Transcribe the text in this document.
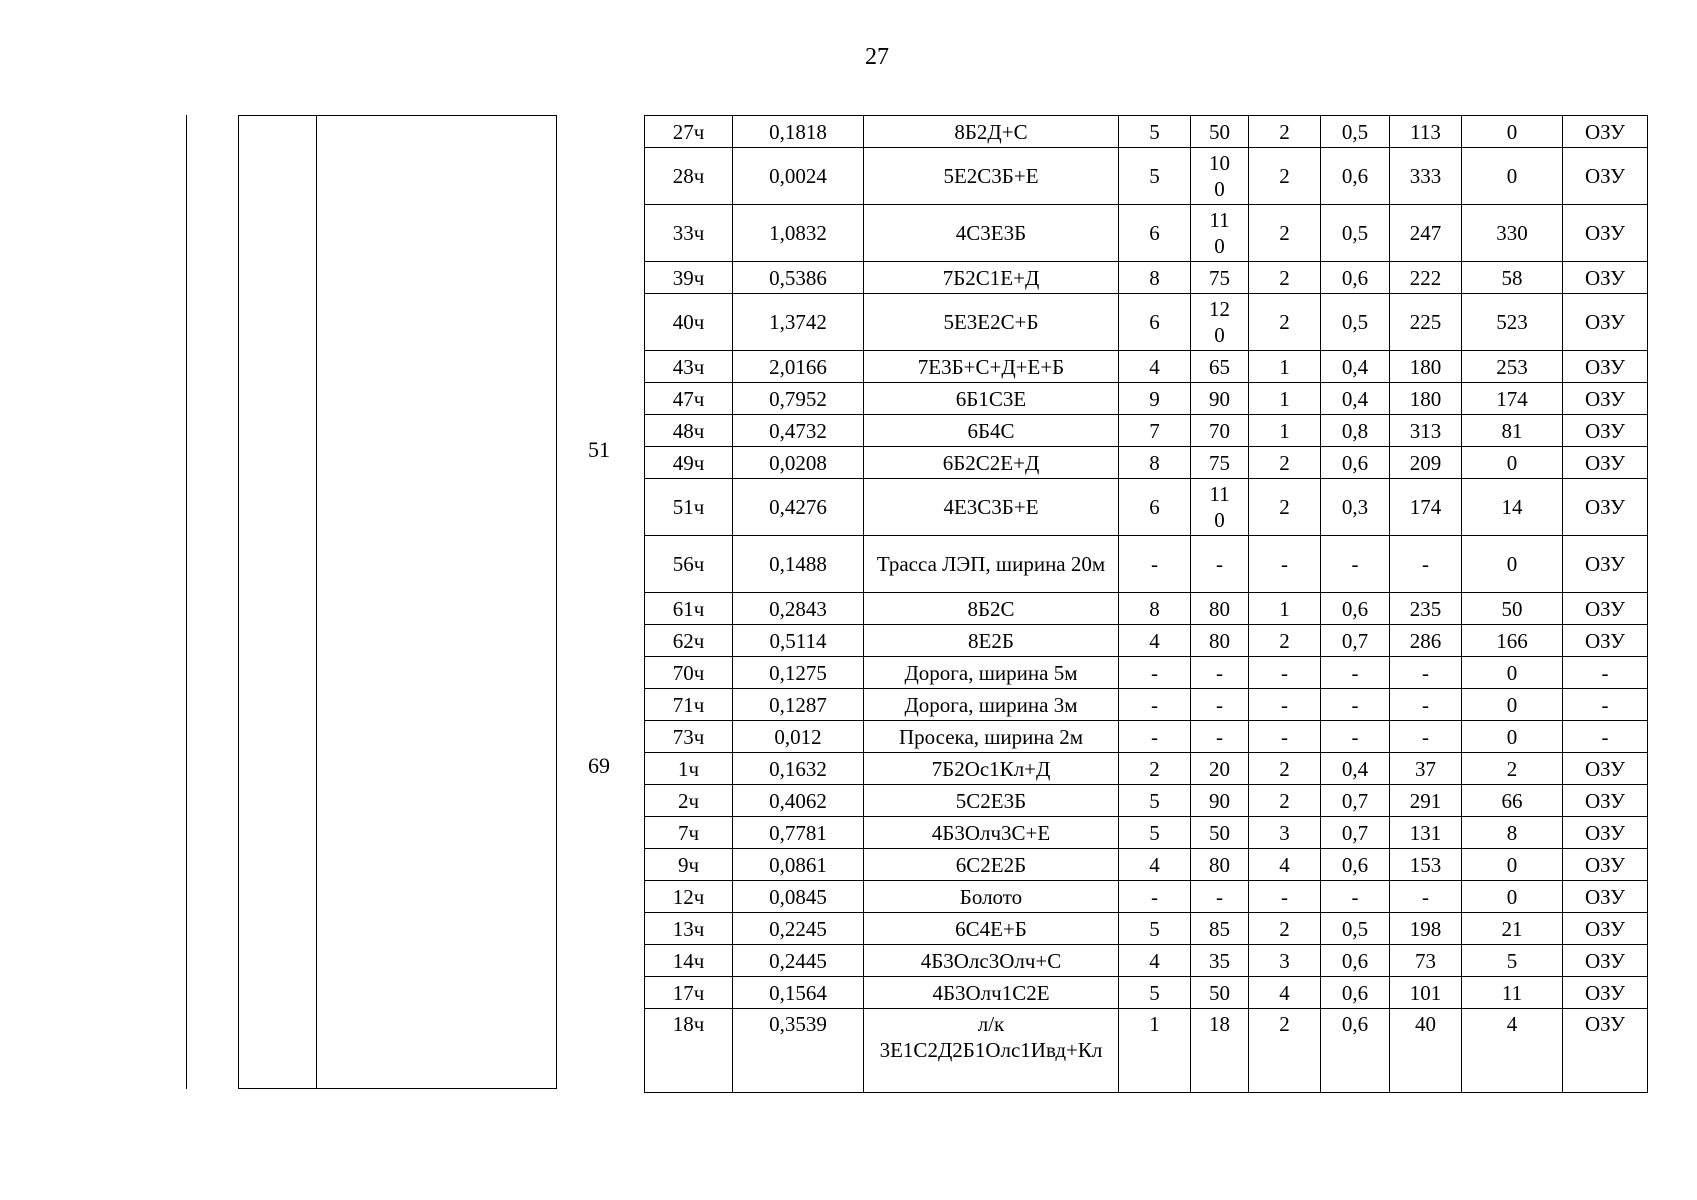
27
51
69
27ч	0,1818	8Б2Д+С	5	50	2	0,5	113	0	ОЗУ
28ч	0,0024	5Е2С3Б+Е	5	100	2	0,6	333	0	ОЗУ
33ч	1,0832	4С3Е3Б	6	110	2	0,5	247	330	ОЗУ
39ч	0,5386	7Б2С1Е+Д	8	75	2	0,6	222	58	ОЗУ
40ч	1,3742	5Е3Е2С+Б	6	120	2	0,5	225	523	ОЗУ
43ч	2,0166	7Е3Б+С+Д+Е+Б	4	65	1	0,4	180	253	ОЗУ
47ч	0,7952	6Б1С3Е	9	90	1	0,4	180	174	ОЗУ
48ч	0,4732	6Б4С	7	70	1	0,8	313	81	ОЗУ
49ч	0,0208	6Б2С2Е+Д	8	75	2	0,6	209	0	ОЗУ
51ч	0,4276	4Е3С3Б+Е	6	110	2	0,3	174	14	ОЗУ
56ч	0,1488	Трасса ЛЭП, ширина 20м	-	-	-	-	-	0	ОЗУ
61ч	0,2843	8Б2С	8	80	1	0,6	235	50	ОЗУ
62ч	0,5114	8Е2Б	4	80	2	0,7	286	166	ОЗУ
70ч	0,1275	Дорога, ширина 5м	-	-	-	-	-	0	-
71ч	0,1287	Дорога, ширина 3м	-	-	-	-	-	0	-
73ч	0,012	Просека, ширина 2м	-	-	-	-	-	0	-
1ч	0,1632	7Б2Ос1Кл+Д	2	20	2	0,4	37	2	ОЗУ
2ч	0,4062	5С2Е3Б	5	90	2	0,7	291	66	ОЗУ
7ч	0,7781	4Б3Олч3С+Е	5	50	3	0,7	131	8	ОЗУ
9ч	0,0861	6С2Е2Б	4	80	4	0,6	153	0	ОЗУ
12ч	0,0845	Болото	-	-	-	-	-	0	ОЗУ
13ч	0,2245	6С4Е+Б	5	85	2	0,5	198	21	ОЗУ
14ч	0,2445	4Б3Олс3Олч+С	4	35	3	0,6	73	5	ОЗУ
17ч	0,1564	4Б3Олч1С2Е	5	50	4	0,6	101	11	ОЗУ
18ч	0,3539	л/к 3Е1С2Д2Б1Олс1Ивд+Кл	1	18	2	0,6	40	4	ОЗУ
